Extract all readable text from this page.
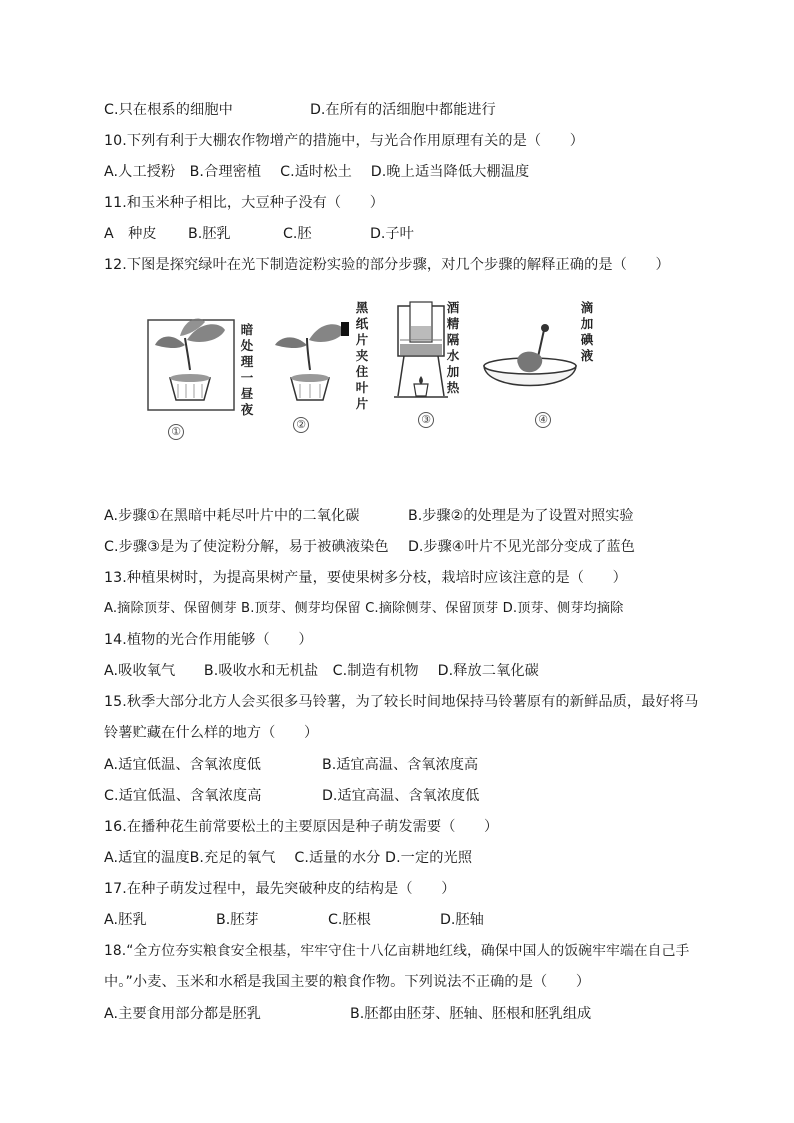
C.只在根系的细胞中	D.在所有的活细胞中都能进行
10.下列有利于大棚农作物增产的措施中，与光合作用原理有关的是（　　）
A.人工授粉　B.合理密植　 C.适时松土　 D.晚上适当降低大棚温度
11.和玉米种子相比，大豆种子没有（　　）
A　种皮 B.胚乳	C.胚	D.子叶
12.下图是探究绿叶在光下制造淀粉实验的部分步骤，对几个步骤的解释正确的是（　　）
暗处理一昼夜
①
黑纸片夹住叶片
②
酒精隔水加热
③
滴加碘液
④
A.步骤①在黑暗中耗尽叶片中的二氧化碳	B.步骤②的处理是为了设置对照实验
C.步骤③是为了使淀粉分解，易于被碘液染色 D.步骤④叶片不见光部分变成了蓝色
13.种植果树时，为提高果树产量，要使果树多分枝，栽培时应该注意的是（　　）
A.摘除顶芽、保留侧芽 B.顶芽、侧芽均保留 C.摘除侧芽、保留顶芽 D.顶芽、侧芽均摘除
14.植物的光合作用能够（　　）
A.吸收氧气　　B.吸收水和无机盐　C.制造有机物　 D.释放二氧化碳
15.秋季大部分北方人会买很多马铃薯，为了较长时间地保持马铃薯原有的新鲜品质，最好将马
铃薯贮藏在什么样的地方（　　）
A.适宜低温、含氧浓度低	B.适宜高温、含氧浓度高
C.适宜低温、含氧浓度高	D.适宜高温、含氧浓度低
16.在播种花生前常要松土的主要原因是种子萌发需要（　　）
A.适宜的温度B.充足的氧气　 C.适量的水分 D.一定的光照
17.在种子萌发过程中，最先突破种皮的结构是（　　）
A.胚乳	B.胚芽	C.胚根	D.胚轴
18.“全方位夯实粮食安全根基，牢牢守住十八亿亩耕地红线，确保中国人的饭碗牢牢端在自己手
中。”小麦、玉米和水稻是我国主要的粮食作物。下列说法不正确的是（　　）
A.主要食用部分都是胚乳	B.胚都由胚芽、胚轴、胚根和胚乳组成
